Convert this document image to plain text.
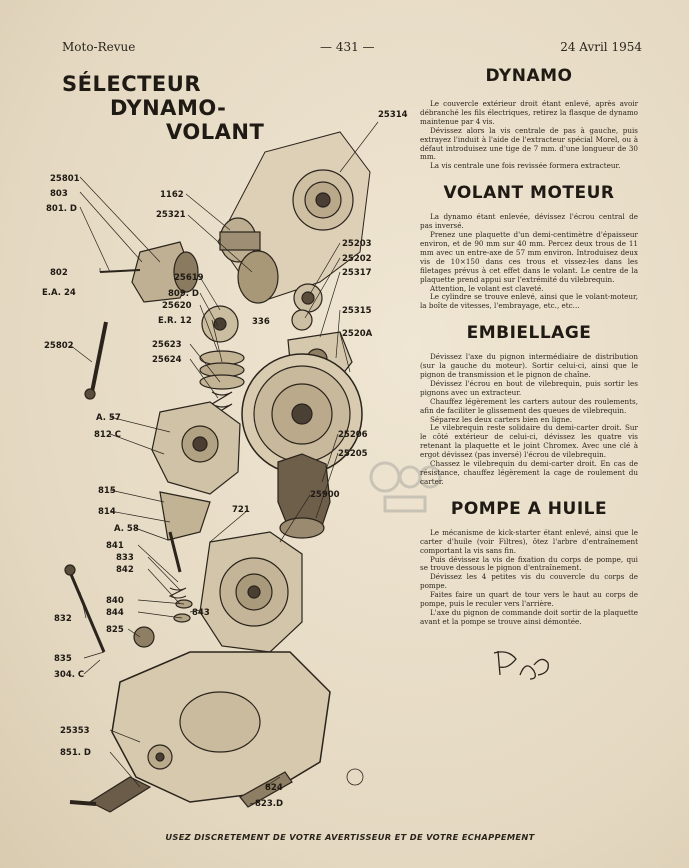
Moto-Revue	— 431 —	24 Avril 1954
SÉLECTEUR
DYNAMO-
VOLANT
25314
25801
803
801. D
1162
25321
25203
25202
25317
802
E.A. 24
25619
809. D
25620
E.R. 12	336
25315
2520A
25802	25623
25624
A. 57
812 C	25206
25205
815
814	721
25900
A. 58
841
833
842
840
844	843
832
825
835
304. C
25353
851. D
824
823.D
DYNAMO

Le couvercle extérieur droit étant enlevé, après avoir débranché les fils électriques, retirez la flasque de dynamo maintenue par 4 vis.

Dévissez alors la vis centrale de pas à gauche, puis extrayez l'induit à l'aide de l'extracteur spécial Morel, ou à défaut introduisez une tige de 7 mm. d'une longueur de 30 mm.

La vis centrale une fois revissée formera extracteur.

VOLANT MOTEUR

La dynamo étant enlevée, dévissez l'écrou central de pas inversé.

Prenez une plaquette d'un demi-centimètre d'épaisseur environ, et de 90 mm sur 40 mm. Percez deux trous de 11 mm avec un entre-axe de 57 mm environ. Introduisez deux vis de 10×150 dans ces trous et vissez-les dans les filetages prévus à cet effet dans le volant. Le centre de la plaquette prend appui sur l'extrémité du vilebrequin.

Attention, le volant est claveté.

Le cylindre se trouve enlevé, ainsi que le volant-moteur, la boîte de vitesses, l'embrayage, etc., etc...

EMBIELLAGE

Dévissez l'axe du pignon intermédiaire de distribution (sur la gauche du moteur). Sortir celui-ci, ainsi que le pignon de transmission et le pignon de chaîne.

Dévissez l'écrou en bout de vilebrequin, puis sortir les pignons avec un extracteur.

Chauffez légèrement les carters autour des roulements, afin de faciliter le glissement des queues de vilebrequin.

Séparez les deux carters bien en ligne.

Le vilebrequin reste solidaire du demi-carter droit. Sur le côté extérieur de celui-ci, dévissez les quatre vis retenant la plaquette et le joint Chromex. Avec une clé à ergot dévissez (pas inversé) l'écrou de vilebrequin.

Chassez le vilebrequin du demi-carter droit. En cas de résistance, chauffez légèrement la cage de roulement du carter.

POMPE A HUILE

Le mécanisme de kick-starter étant enlevé, ainsi que le carter d'huile (voir Filtres), ôtez l'arbre d'entraînement comportant la vis sans fin.

Puis dévissez la vis de fixation du corps de pompe, qui se trouve dessous le pignon d'entraînement.

Dévissez les 4 petites vis du couvercle du corps de pompe.

Faites faire un quart de tour vers le haut au corps de pompe, puis le reculer vers l'arrière.

L'axe du pignon de commande doit sortir de la plaquette avant et la pompe se trouve ainsi démontée.

USEZ DISCRETEMENT DE VOTRE AVERTISSEUR ET DE VOTRE ECHAPPEMENT
